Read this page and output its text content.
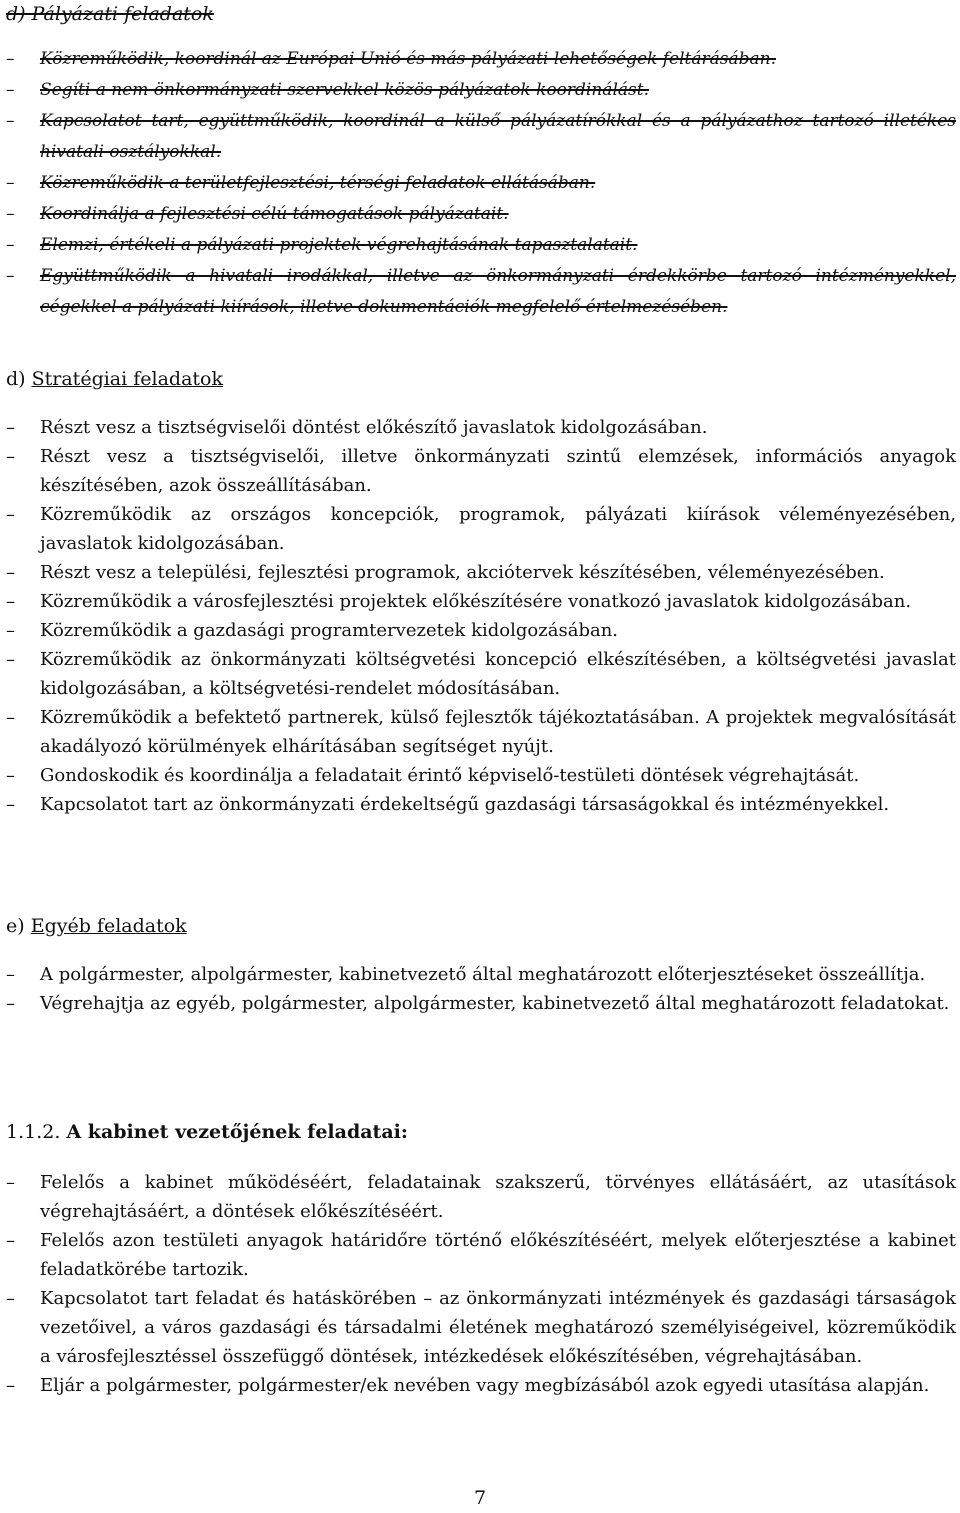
d) Pályázati feladatok

–	Közreműködik, koordinál az Európai Unió és más pályázati lehetőségek feltárásában.
–	Segíti a nem önkormányzati szervekkel közös pályázatok koordinálást.
–	Kapcsolatot tart, együttműködik, koordinál a külső pályázatírókkal és a pályázathoz tartozó illetékes hivatali osztályokkal.
–	Közreműködik a területfejlesztési, térségi feladatok ellátásában.
–	Koordinálja a fejlesztési célú támogatások pályázatait.
–	Elemzi, értékeli a pályázati projektek végrehajtásának tapasztalatait.
–	Együttműködik a hivatali irodákkal, illetve az önkormányzati érdekkörbe tartozó intézményekkel, cégekkel a pályázati kiírások, illetve dokumentációk megfelelő értelmezésében.

d) Stratégiai feladatok

–	Részt vesz a tisztségviselői döntést előkészítő javaslatok kidolgozásában.
–	Részt vesz a tisztségviselői, illetve önkormányzati szintű elemzések, információs anyagok készítésében, azok összeállításában.
–	Közreműködik az országos koncepciók, programok, pályázati kiírások véleményezésében, javaslatok kidolgozásában.
–	Részt vesz a települési, fejlesztési programok, akciótervek készítésében, véleményezésében.
–	Közreműködik a városfejlesztési projektek előkészítésére vonatkozó javaslatok kidolgozásában.
–	Közreműködik a gazdasági programtervezetek kidolgozásában.
–	Közreműködik az önkormányzati költségvetési koncepció elkészítésében, a költségvetési javaslat kidolgozásában, a költségvetési-rendelet módosításában.
–	Közreműködik a befektető partnerek, külső fejlesztők tájékoztatásában. A projektek megvalósítását akadályozó körülmények elhárításában segítséget nyújt.
–	Gondoskodik és koordinálja a feladatait érintő képviselő-testületi döntések végrehajtását.
–	Kapcsolatot tart az önkormányzati érdekeltségű gazdasági társaságokkal és intézményekkel.

e) Egyéb feladatok

–	A polgármester, alpolgármester, kabinetvezető által meghatározott előterjesztéseket összeállítja.
–	Végrehajtja az egyéb, polgármester, alpolgármester, kabinetvezető által meghatározott feladatokat.

1.1.2. A kabinet vezetőjének feladatai:

–	Felelős a kabinet működéséért, feladatainak szakszerű, törvényes ellátásáért, az utasítások végrehajtásáért, a döntések előkészítéséért.
–	Felelős azon testületi anyagok határidőre történő előkészítéséért, melyek előterjesztése a kabinet feladatkörébe tartozik.
–	Kapcsolatot tart feladat és hatáskörében – az önkormányzati intézmények és gazdasági társaságok vezetőivel, a város gazdasági és társadalmi életének meghatározó személyiségeivel, közreműködik a városfejlesztéssel összefüggő döntések, intézkedések előkészítésében, végrehajtásában.
–	Eljár a polgármester, polgármester/ek nevében vagy megbízásából azok egyedi utasítása alapján.
7
